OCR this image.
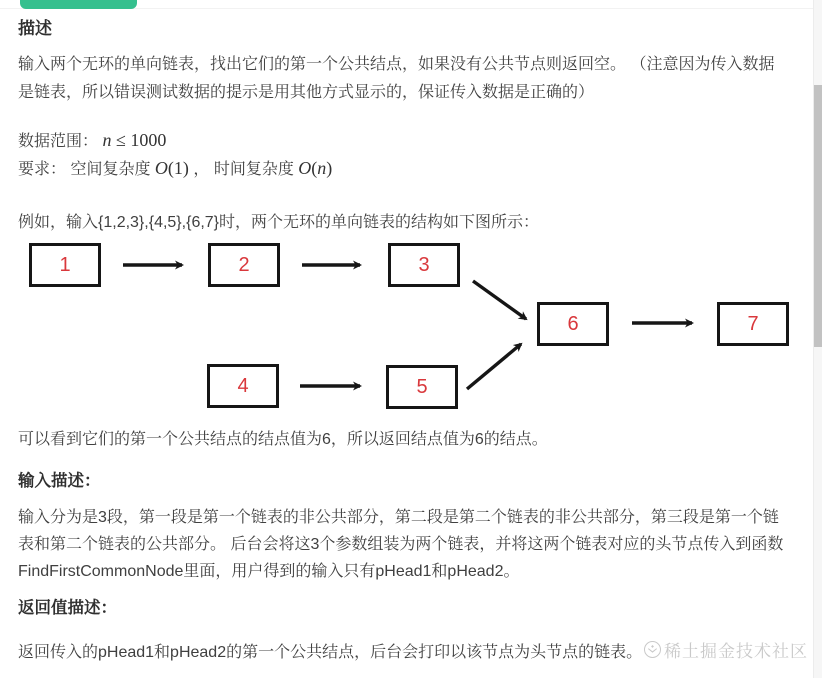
描述

输入两个无环的单向链表，找出它们的第一个公共结点，如果没有公共节点则返回空。 （注意因为传入数据是链表，所以错误测试数据的提示是用其他方式显示的，保证传入数据是正确的）

数据范围： n ≤ 1000
要求： 空间复杂度 O(1) ， 时间复杂度 O(n)

例如，输入{1,2,3},{4,5},{6,7}时，两个无环的单向链表的结构如下图所示：

1	2	3
4	5
6	7

可以看到它们的第一个公共结点的结点值为6，所以返回结点值为6的结点。

输入描述：

输入分为是3段，第一段是第一个链表的非公共部分，第二段是第二个链表的非公共部分，第三段是第一个链表和第二个链表的公共部分。 后台会将这3个参数组装为两个链表，并将这两个链表对应的头节点传入到函数FindFirstCommonNode里面，用户得到的输入只有pHead1和pHead2。

返回值描述：

返回传入的pHead1和pHead2的第一个公共结点，后台会打印以该节点为头节点的链表。	稀土掘金技术社区
